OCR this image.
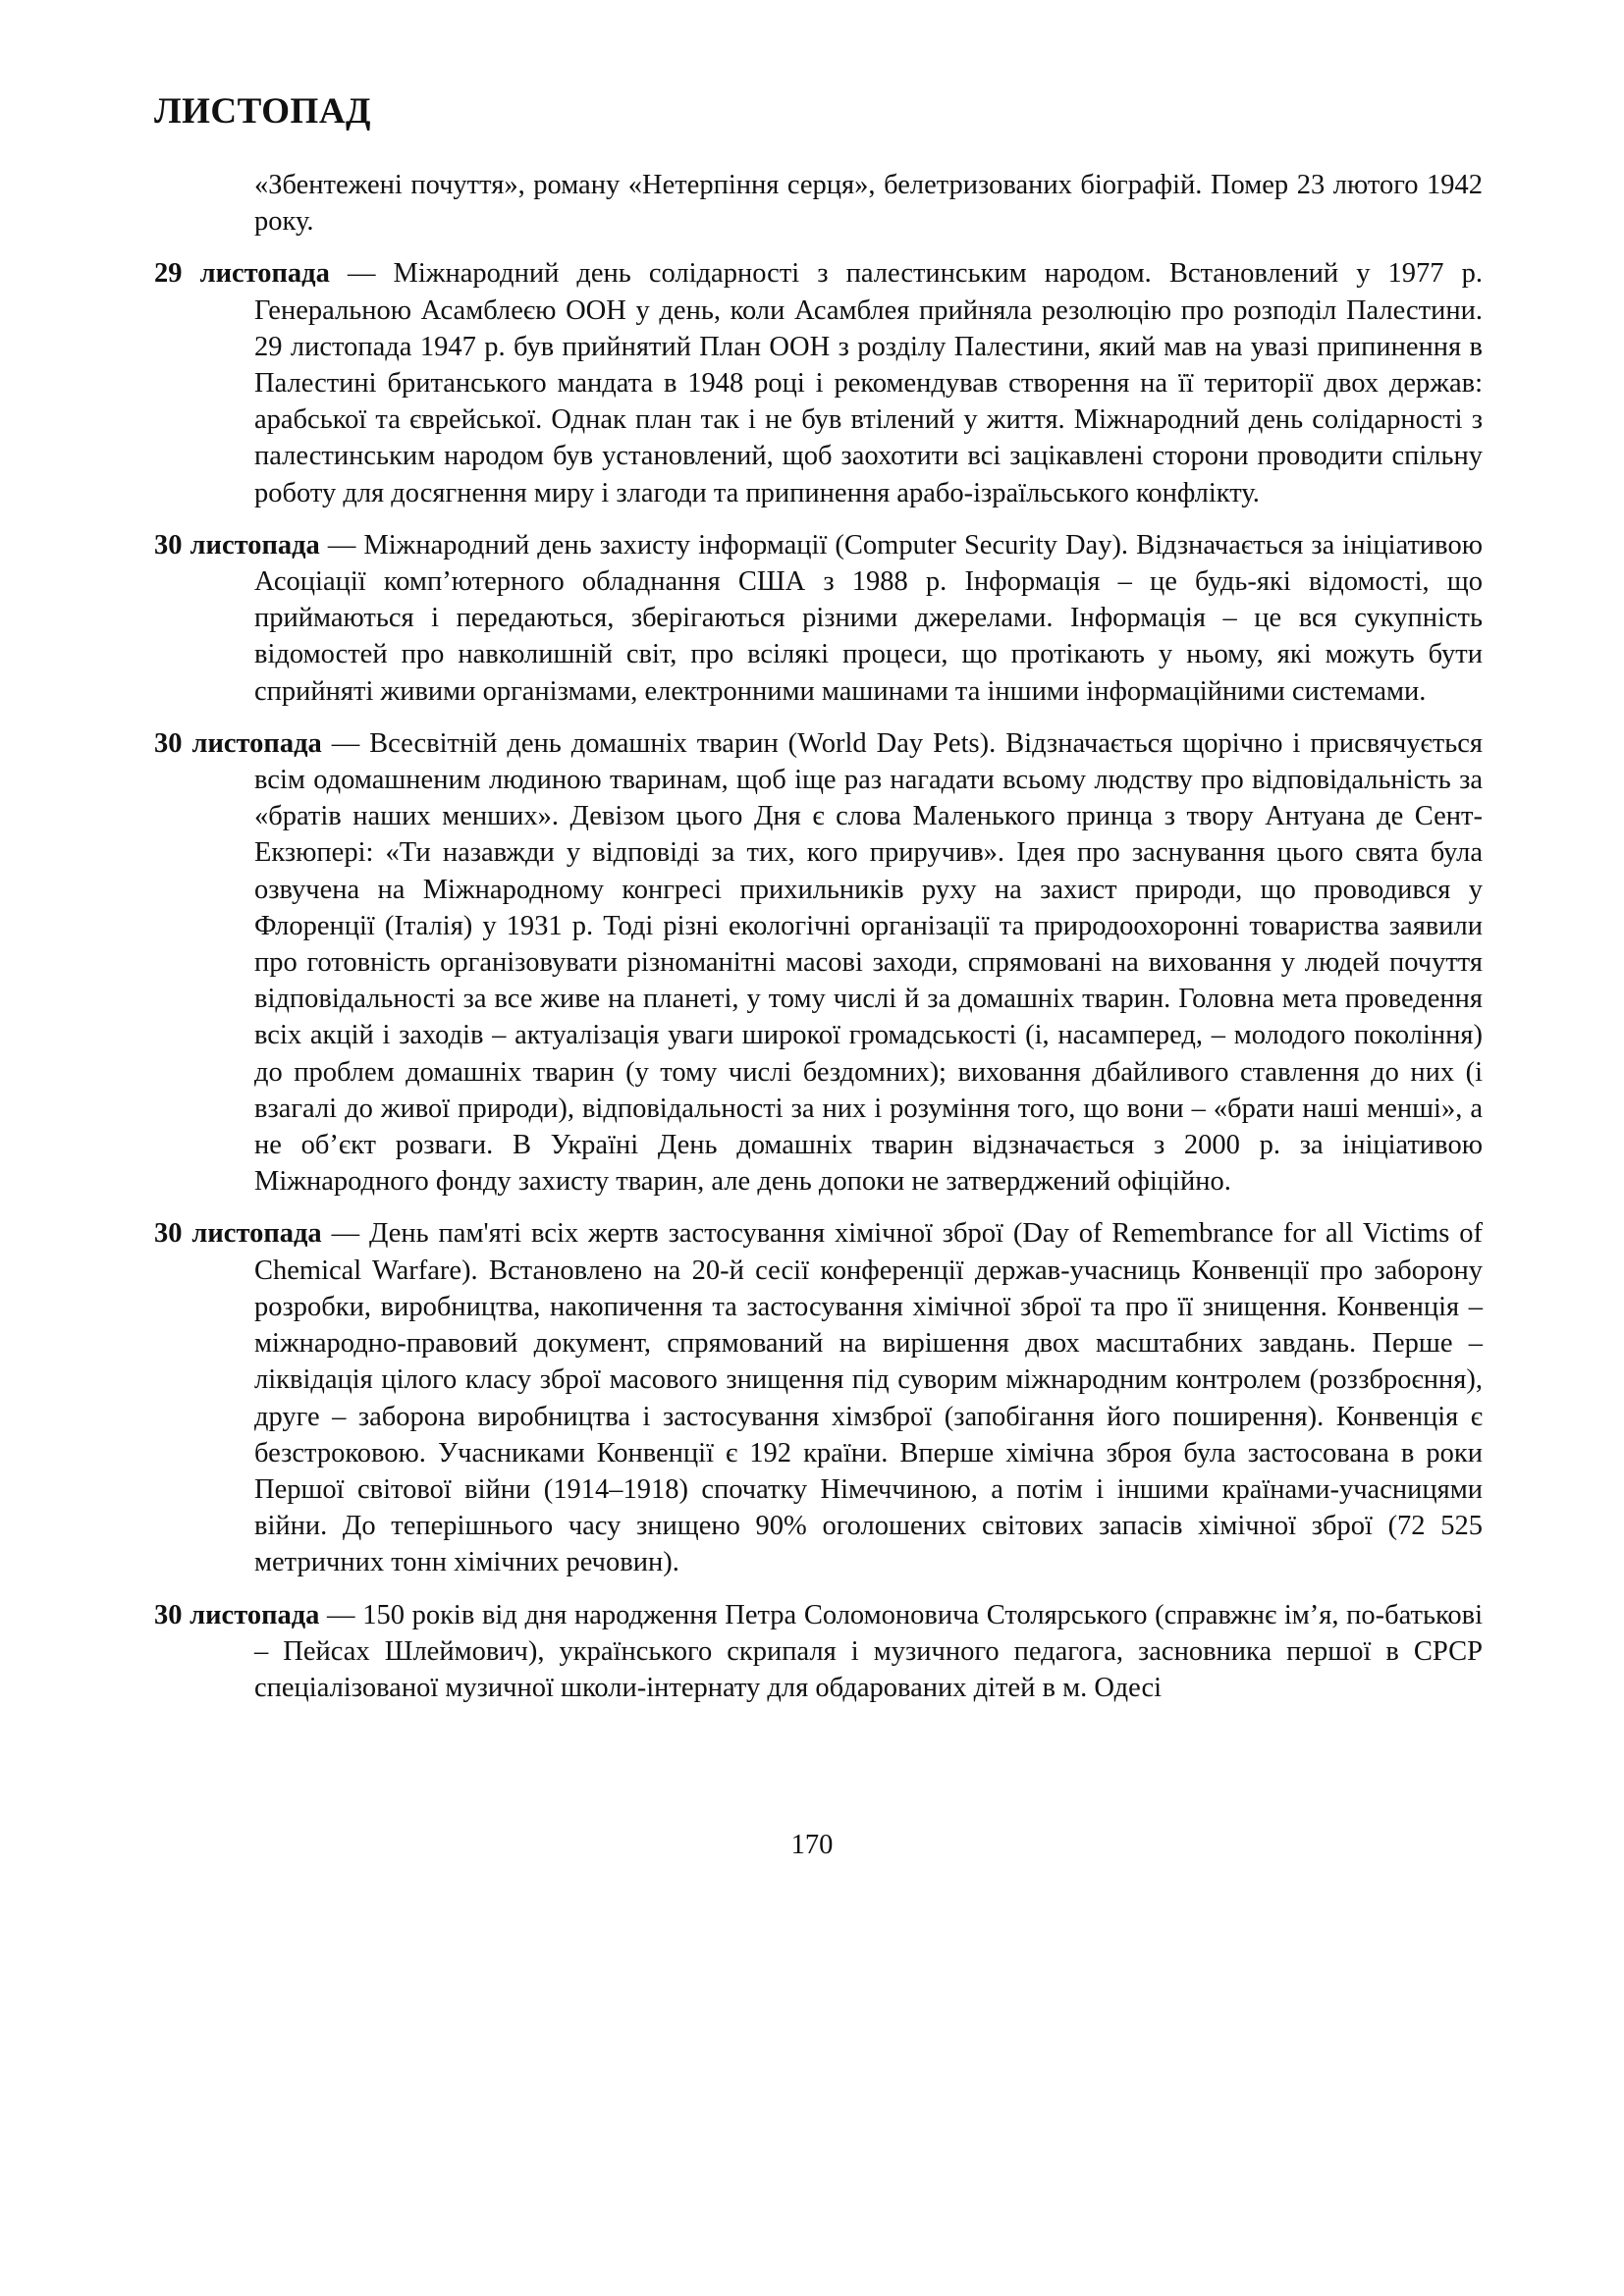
ЛИСТОПАД

«Збентежені почуття», роману «Нетерпіння серця», белетризованих біографій. Помер 23 лютого 1942 року.

29 листопада — Міжнародний день солідарності з палестинським народом. Встановлений у 1977 р. Генеральною Асамблеєю ООН у день, коли Асамблея прийняла резолюцію про розподіл Палестини. 29 листопада 1947 р. був прийнятий План ООН з розділу Палестини, який мав на увазі припинення в Палестині британського мандата в 1948 році і рекомендував створення на її території двох держав: арабської та єврейської. Однак план так і не був втілений у життя. Міжнародний день солідарності з палестинським народом був установлений, щоб заохотити всі зацікавлені сторони проводити спільну роботу для досягнення миру і злагоди та припинення арабо-ізраїльського конфлікту.

30 листопада — Міжнародний день захисту інформації (Computer Security Day). Відзначається за ініціативою Асоціації комп’ютерного обладнання США з 1988 р. Інформація – це будь-які відомості, що приймаються і передаються, зберігаються різними джерелами. Інформація – це вся сукупність відомостей про навколишній світ, про всілякі процеси, що протікають у ньому, які можуть бути сприйняті живими організмами, електронними машинами та іншими інформаційними системами.

30 листопада — Всесвітній день домашніх тварин (World Day Pets). Відзначається щорічно і присвячується всім одомашненим людиною тваринам, щоб іще раз нагадати всьому людству про відповідальність за «братів наших менших». Девізом цього Дня є слова Маленького принца з твору Антуана де Сент-Екзюпері: «Ти назавжди у відповіді за тих, кого приручив». Ідея про заснування цього свята була озвучена на Міжнародному конгресі прихильників руху на захист природи, що проводився у Флоренції (Італія) у 1931 р. Тоді різні екологічні організації та природоохоронні товариства заявили про готовність організовувати різноманітні масові заходи, спрямовані на виховання у людей почуття відповідальності за все живе на планеті, у тому числі й за домашніх тварин. Головна мета проведення всіх акцій і заходів – актуалізація уваги широкої громадськості (і, насамперед, – молодого покоління) до проблем домашніх тварин (у тому числі бездомних); виховання дбайливого ставлення до них (і взагалі до живої природи), відповідальності за них і розуміння того, що вони – «брати наші менші», а не об’єкт розваги. В Україні День домашніх тварин відзначається з 2000 р. за ініціативою Міжнародного фонду захисту тварин, але день допоки не затверджений офіційно.

30 листопада — День пам'яті всіх жертв застосування хімічної зброї (Day of Remembrance for all Victims of Chemical Warfare). Встановлено на 20-й сесії конференції держав-учасниць Конвенції про заборону розробки, виробництва, накопичення та застосування хімічної зброї та про її знищення. Конвенція – міжнародно-правовий документ, спрямований на вирішення двох масштабних завдань. Перше – ліквідація цілого класу зброї масового знищення під суворим міжнародним контролем (роззброєння), друге – заборона виробництва і застосування хімзброї (запобігання його поширення). Конвенція є безстроковою. Учасниками Конвенції є 192 країни. Вперше хімічна зброя була застосована в роки Першої світової війни (1914–1918) спочатку Німеччиною, а потім і іншими країнами-учасницями війни. До теперішнього часу знищено 90% оголошених світових запасів хімічної зброї (72 525 метричних тонн хімічних речовин).

30 листопада — 150 років від дня народження Петра Соломоновича Столярського (справжнє ім’я, по-батькові – Пейсах Шлеймович), українського скрипаля і музичного педагога, засновника першої в СРСР спеціалізованої музичної школи-інтернату для обдарованих дітей в м. Одесі

170
